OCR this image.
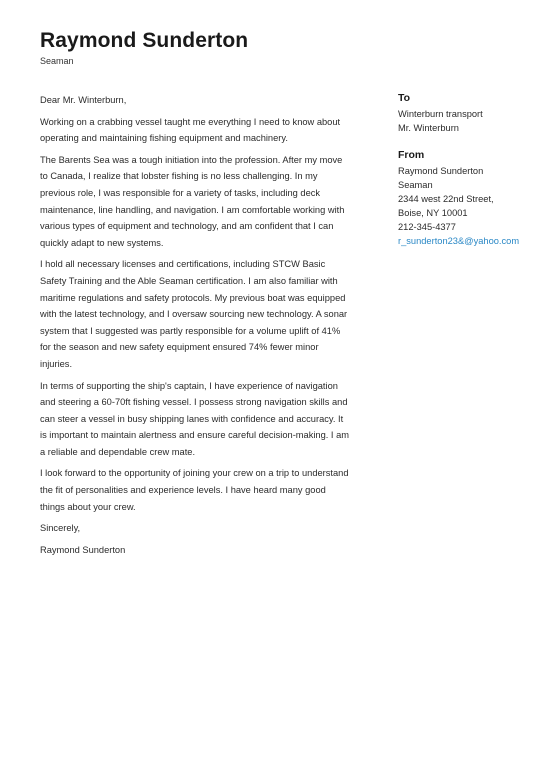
Raymond Sunderton
Seaman

Dear Mr. Winterburn,

Working on a crabbing vessel taught me everything I need to know about operating and maintaining fishing equipment and machinery.

The Barents Sea was a tough initiation into the profession. After my move to Canada, I realize that lobster fishing is no less challenging. In my previous role, I was responsible for a variety of tasks, including deck maintenance, line handling, and navigation. I am comfortable working with various types of equipment and technology, and am confident that I can quickly adapt to new systems.

I hold all necessary licenses and certifications, including STCW Basic Safety Training and the Able Seaman certification. I am also familiar with maritime regulations and safety protocols. My previous boat was equipped with the latest technology, and I oversaw sourcing new technology. A sonar system that I suggested was partly responsible for a volume uplift of 41% for the season and new safety equipment ensured 74% fewer minor injuries.

In terms of supporting the ship's captain, I have experience of navigation and steering a 60-70ft fishing vessel. I possess strong navigation skills and can steer a vessel in busy shipping lanes with confidence and accuracy. It is important to maintain alertness and ensure careful decision-making. I am a reliable and dependable crew mate.

I look forward to the opportunity of joining your crew on a trip to understand the fit of personalities and experience levels. I have heard many good things about your crew.

Sincerely,

Raymond Sunderton

To
Winterburn transport
Mr. Winterburn
From
Raymond Sunderton
Seaman
2344 west 22nd Street,
Boise, NY 10001
212-345-4377
r_sunderton23&@yahoo.com
